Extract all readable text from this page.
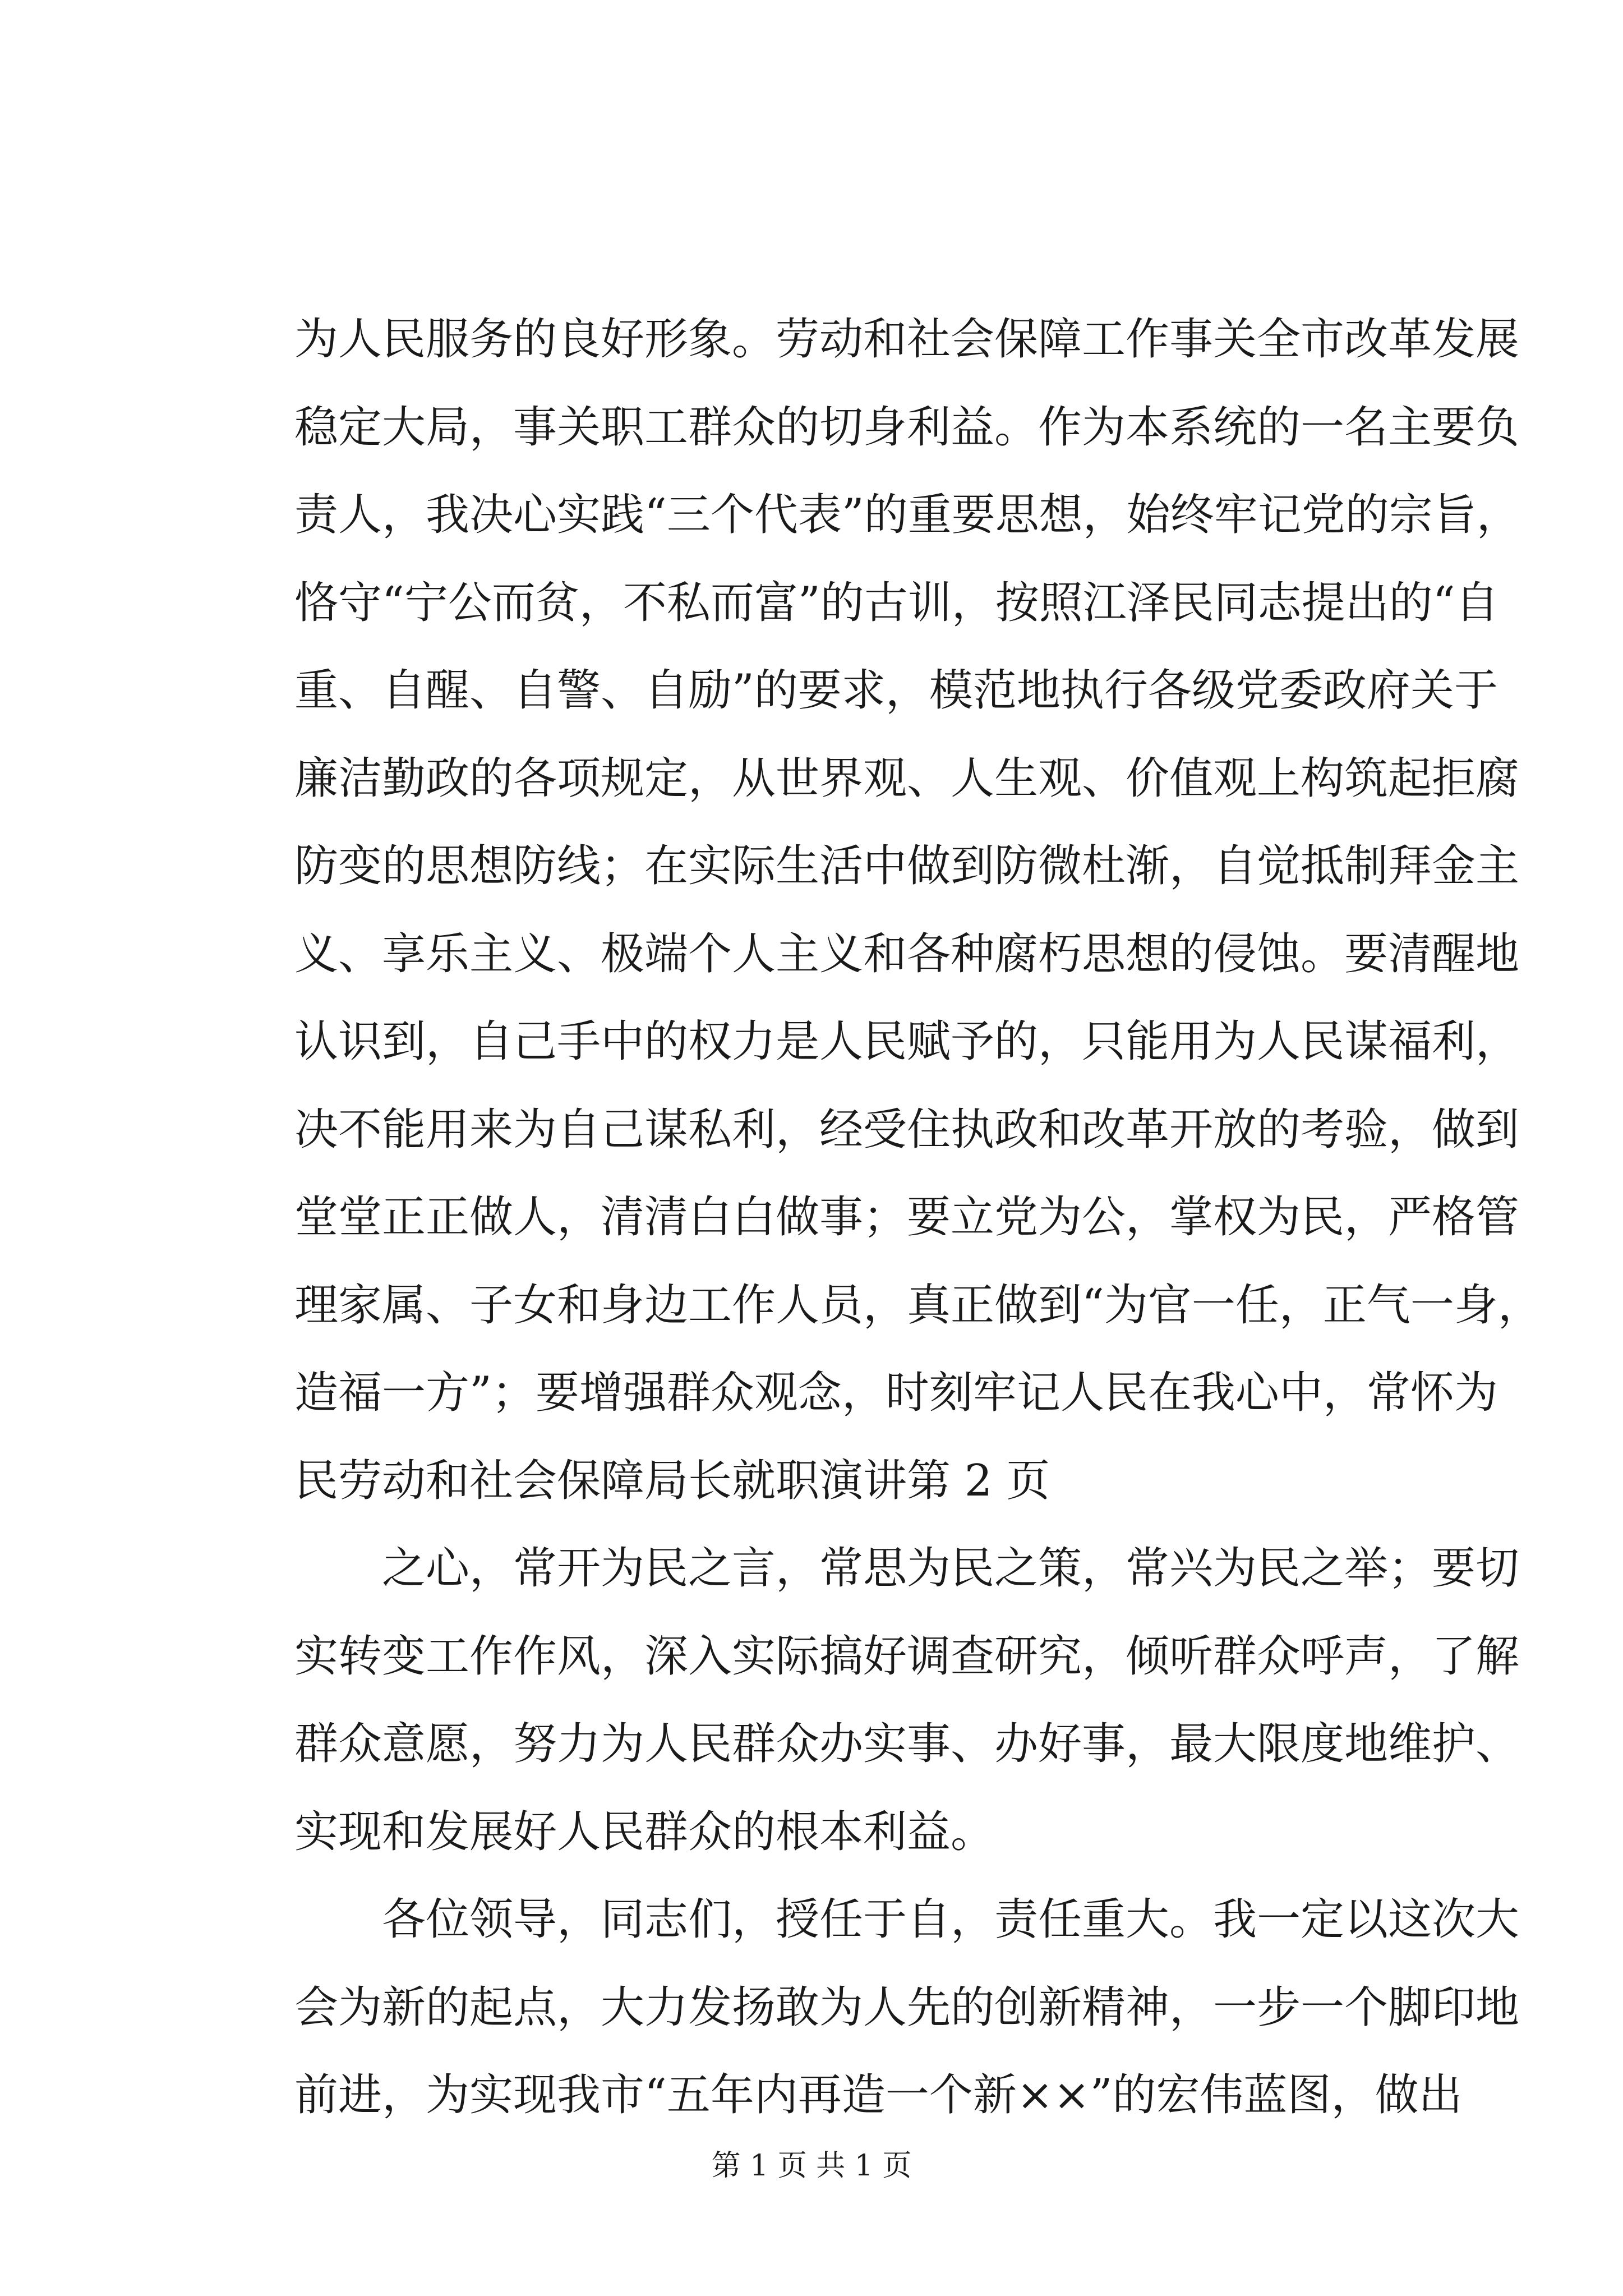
为人民服务的良好形象。劳动和社会保障工作事关全市改革发展
稳定大局，事关职工群众的切身利益。作为本系统的一名主要负
责人，我决心实践“三个代表”的重要思想，始终牢记党的宗旨，
恪守“宁公而贫，不私而富”的古训，按照江泽民同志提出的“自
重、自醒、自警、自励”的要求，模范地执行各级党委政府关于
廉洁勤政的各项规定，从世界观、人生观、价值观上构筑起拒腐
防变的思想防线；在实际生活中做到防微杜渐，自觉抵制拜金主
义、享乐主义、极端个人主义和各种腐朽思想的侵蚀。要清醒地
认识到，自己手中的权力是人民赋予的，只能用为人民谋福利，
决不能用来为自己谋私利，经受住执政和改革开放的考验，做到
堂堂正正做人，清清白白做事；要立党为公，掌权为民，严格管
理家属、子女和身边工作人员，真正做到“为官一任，正气一身，
造福一方”；要增强群众观念，时刻牢记人民在我心中，常怀为
民劳动和社会保障局长就职演讲第 2 页
之心，常开为民之言，常思为民之策，常兴为民之举；要切
实转变工作作风，深入实际搞好调查研究，倾听群众呼声，了解
群众意愿，努力为人民群众办实事、办好事，最大限度地维护、
实现和发展好人民群众的根本利益。
各位领导，同志们，授任于自，责任重大。我一定以这次大
会为新的起点，大力发扬敢为人先的创新精神，一步一个脚印地
前进，为实现我市“五年内再造一个新××”的宏伟蓝图，做出
第 1 页 共 1 页
